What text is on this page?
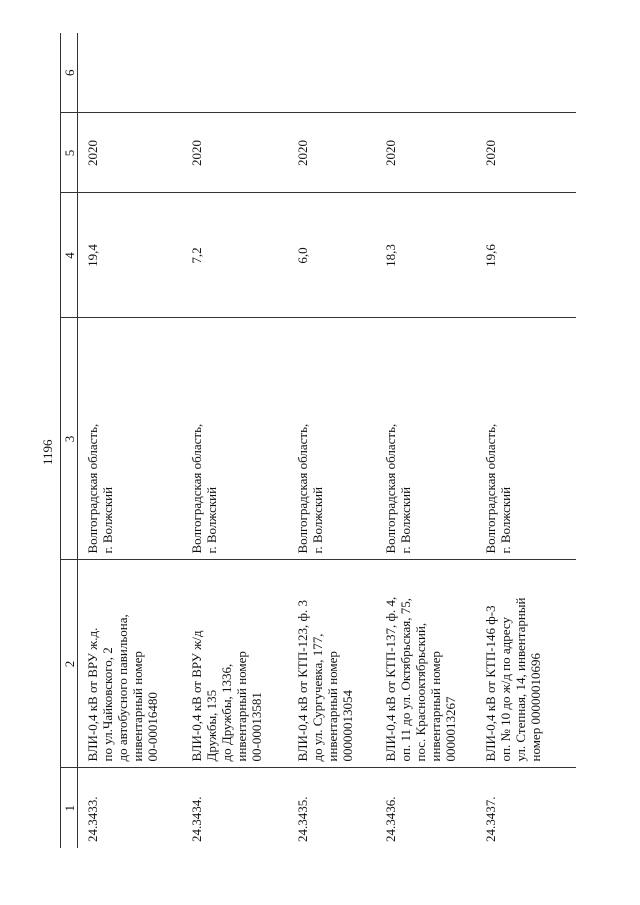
1196
1	2	3	4	5	6
24.3433.	ВЛИ-0,4 кВ от ВРУ ж.д. по ул.Чайковского, 2 до автобусного павильона, инвентарный номер 00-00016480	Волгоградская область, г. Волжский	19,4	2020	
24.3434.	ВЛИ-0,4 кВ от ВРУ ж/д Дружбы, 135 до Дружбы, 1336, инвентарный номер 00-00013581	Волгоградская область, г. Волжский	7,2	2020	
24.3435.	ВЛИ-0,4 кВ от КТП-123, ф. 3 до ул. Сургучевка, 177, инвентарный номер 00000013054	Волгоградская область, г. Волжский	6,0	2020	
24.3436.	ВЛИ-0,4 кВ от КТП-137, ф. 4, оп. 11 до ул. Октябрьская, 75, пос. Краснооктябрьский, инвентарный номер 0000013267	Волгоградская область, г. Волжский	18,3	2020	
24.3437.	ВЛИ-0,4 кВ от КТП-146 ф-3 оп. № 10 до ж/д по адресу ул. Степная, 14, инвентарный номер 00000010696	Волгоградская область, г. Волжский	19,6	2020	
